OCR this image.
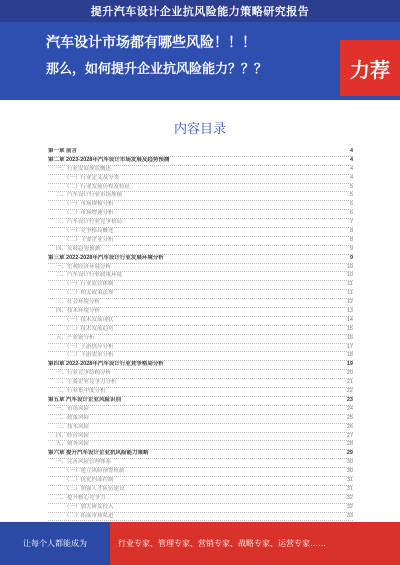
提升汽车设计企业抗风险能力策略研究报告
汽车设计市场都有哪些风险！！！
那么，如何提升企业抗风险能力？？？	力荐
内容目录
第一章 前言	4
第二章 2023-2028年汽车设计市场发展及趋势预测	4
一、行业发展现状概述	4
（一）行业定义及分类	4
（二）行业发展历程及特征	5
二、汽车设计行业市场规模	5
（一）市场规模分析	6
（二）市场增速分析	6
三、汽车设计行业竞争格局	7
（一）竞争格局概述	8
（二）主要企业分析	8
四、发展趋势预测	9
第三章 2022-2028年汽车设计行业发展环境分析	9
一、宏观经济环境分析	10
二、汽车设计行业政策环境	10
（一）行业监管体制	11
（二）相关政策法规	11
三、社会环境分析	12
四、技术环境分析	13
（一）技术发展现状	14
（二）技术发展趋势	15
五、产业链分析	16
（一）上游供应分析	17
（二）下游需求分析	18
第四章 2022-2028年汽车设计行业竞争格局分析	19
一、行业竞争结构分析	20
二、主要企业竞争力分析	21
三、行业集中度分析	22
第五章 汽车设计企业风险识别	23
一、市场风险	24
二、政策风险	25
三、技术风险	26
四、经营风险	27
五、财务风险	28
第六章 提升汽车设计企业抗风险能力策略	29
一、完善风险管理体系	30
（一）建立风险预警机制	30
（二）优化内部控制	31
（三）加强人才队伍建设	31
二、提升核心竞争力	32
（一）加大研发投入	32
（二）拓展市场渠道	33
让每个人都能成为	行业专家、管理专家、营销专家、战略专家、运营专家……
